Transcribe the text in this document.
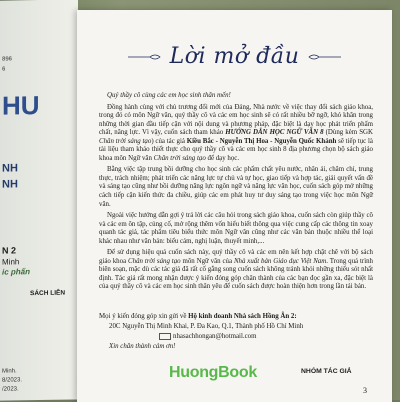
896
6
HU
NH
NH
N 2
Minh
ic phẩn
SÁCH LIÊN
Minh.
8/2023.
/2023.
Lời mở đầu

Quý thầy cô cùng các em học sinh thân mến!

Đồng hành cùng với chủ trương đổi mới của Đảng, Nhà nước về việc thay đổi sách giáo khoa, trong đó có môn Ngữ văn, quý thầy cô và các em học sinh sẽ có rất nhiều bỡ ngỡ, khó khăn trong những thời gian đầu tiếp cận với nội dung và phương pháp, đặc biệt là dạy học phát triển phẩm chất, năng lực. Vì vậy, cuốn sách tham khảo HƯỚNG DẪN HỌC NGỮ VĂN 8 (Dùng kèm SGK Chân trời sáng tạo) của tác giả Kiều Bắc - Nguyễn Thị Hoa - Nguyễn Quốc Khánh sẽ tiếp tục là tài liệu tham khảo thiết thực cho quý thầy cô và các em học sinh 8 địa phương chọn bộ sách giáo khoa môn Ngữ văn Chân trời sáng tạo để dạy học.

Bằng việc tập trung bồi dưỡng cho học sinh các phẩm chất yêu nước, nhân ái, chăm chỉ, trung thực, trách nhiệm; phát triển các năng lực tự chủ và tự học, giao tiếp và hợp tác, giải quyết vấn đề và sáng tạo cũng như bồi dưỡng năng lực ngôn ngữ và năng lực văn học, cuốn sách góp mở những cách tiếp cận kiến thức đa chiều, giúp các em phát huy tư duy sáng tạo trong việc học môn Ngữ văn.

Ngoài việc hướng dẫn gợi ý trả lời các câu hỏi trong sách giáo khoa, cuốn sách còn giúp thầy cô và các em ôn tập, củng cố, mở rộng thêm vốn hiểu biết thông qua việc cung cấp các thông tin xoay quanh tác giả, tác phẩm tiêu biểu thức môn Ngữ văn cũng như các văn bản thuộc nhiều thể loại khác nhau như văn bản: biểu cảm, nghị luận, thuyết minh,...

Để sử dụng hiệu quả cuốn sách này, quý thầy cô và các em nên kết hợp chặt chẽ với bộ sách giáo khoa Chân trời sáng tạo môn Ngữ văn của Nhà xuất bản Giáo dục Việt Nam. Trong quá trình biên soạn, mặc dù các tác giả đã rất cố gắng song cuốn sách không tránh khỏi những thiếu sót nhất định. Tác giả rất mong nhận được ý kiến đóng góp chân thành của các bạn đọc gần xa, đặc biệt là của quý thầy cô và các em học sinh thân yêu để cuốn sách được hoàn thiện hơn trong lần tái bản.

Mọi ý kiến đóng góp xin gửi về Hộ kinh doanh Nhà sách Hồng Ân 2:
20C Nguyễn Thị Minh Khai, P. Đa Kao, Q.1, Thành phố Hồ Chí Minh
nhasachhongan@hotmail.com
Xin chân thành cảm ơn!
HuongBook	NHÓM TÁC GIẢ
3
